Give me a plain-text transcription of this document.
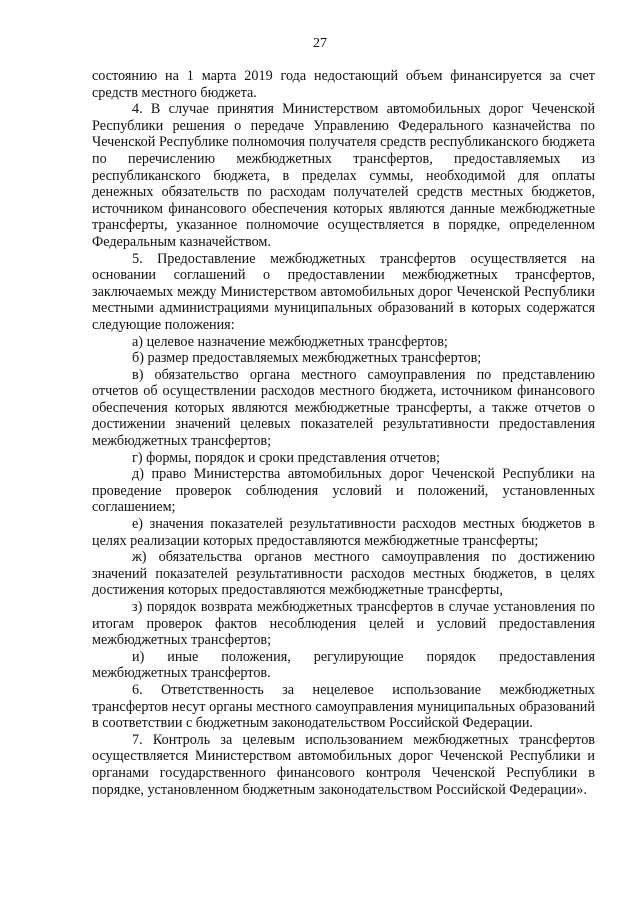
27

состоянию на 1 марта 2019 года недостающий объем финансируется за счет средств местного бюджета.

4. В случае принятия Министерством автомобильных дорог Чеченской Республики решения о передаче Управлению Федерального казначейства по Чеченской Республике полномочия получателя средств республиканского бюджета по перечислению межбюджетных трансфертов, предоставляемых из республиканского бюджета, в пределах суммы, необходимой для оплаты денежных обязательств по расходам получателей средств местных бюджетов, источником финансового обеспечения которых являются данные межбюджетные трансферты, указанное полномочие осуществляется в порядке, определенном Федеральным казначейством.

5. Предоставление межбюджетных трансфертов осуществляется на основании соглашений о предоставлении межбюджетных трансфертов, заключаемых между Министерством автомобильных дорог Чеченской Республики местными администрациями муниципальных образований в которых содержатся следующие положения:

а) целевое назначение межбюджетных трансфертов;

б) размер предоставляемых межбюджетных трансфертов;

в) обязательство органа местного самоуправления по представлению отчетов об осуществлении расходов местного бюджета, источником финансового обеспечения которых являются межбюджетные трансферты, а также отчетов о достижении значений целевых показателей результативности предоставления межбюджетных трансфертов;

г) формы, порядок и сроки представления отчетов;

д) право Министерства автомобильных дорог Чеченской Республики на проведение проверок соблюдения условий и положений, установленных соглашением;

е) значения показателей результативности расходов местных бюджетов в целях реализации которых предоставляются межбюджетные трансферты;

ж) обязательства органов местного самоуправления по достижению значений показателей результативности расходов местных бюджетов, в целях достижения которых предоставляются межбюджетные трансферты,

з) порядок возврата межбюджетных трансфертов в случае установления по итогам проверок фактов несоблюдения целей и условий предоставления межбюджетных трансфертов;

и) иные положения, регулирующие порядок предоставления межбюджетных трансфертов.

6. Ответственность за нецелевое использование межбюджетных трансфертов несут органы местного самоуправления муниципальных образований в соответствии с бюджетным законодательством Российской Федерации.

7. Контроль за целевым использованием межбюджетных трансфертов осуществляется Министерством автомобильных дорог Чеченской Республики и органами государственного финансового контроля Чеченской Республики в порядке, установленном бюджетным законодательством Российской Федерации».
